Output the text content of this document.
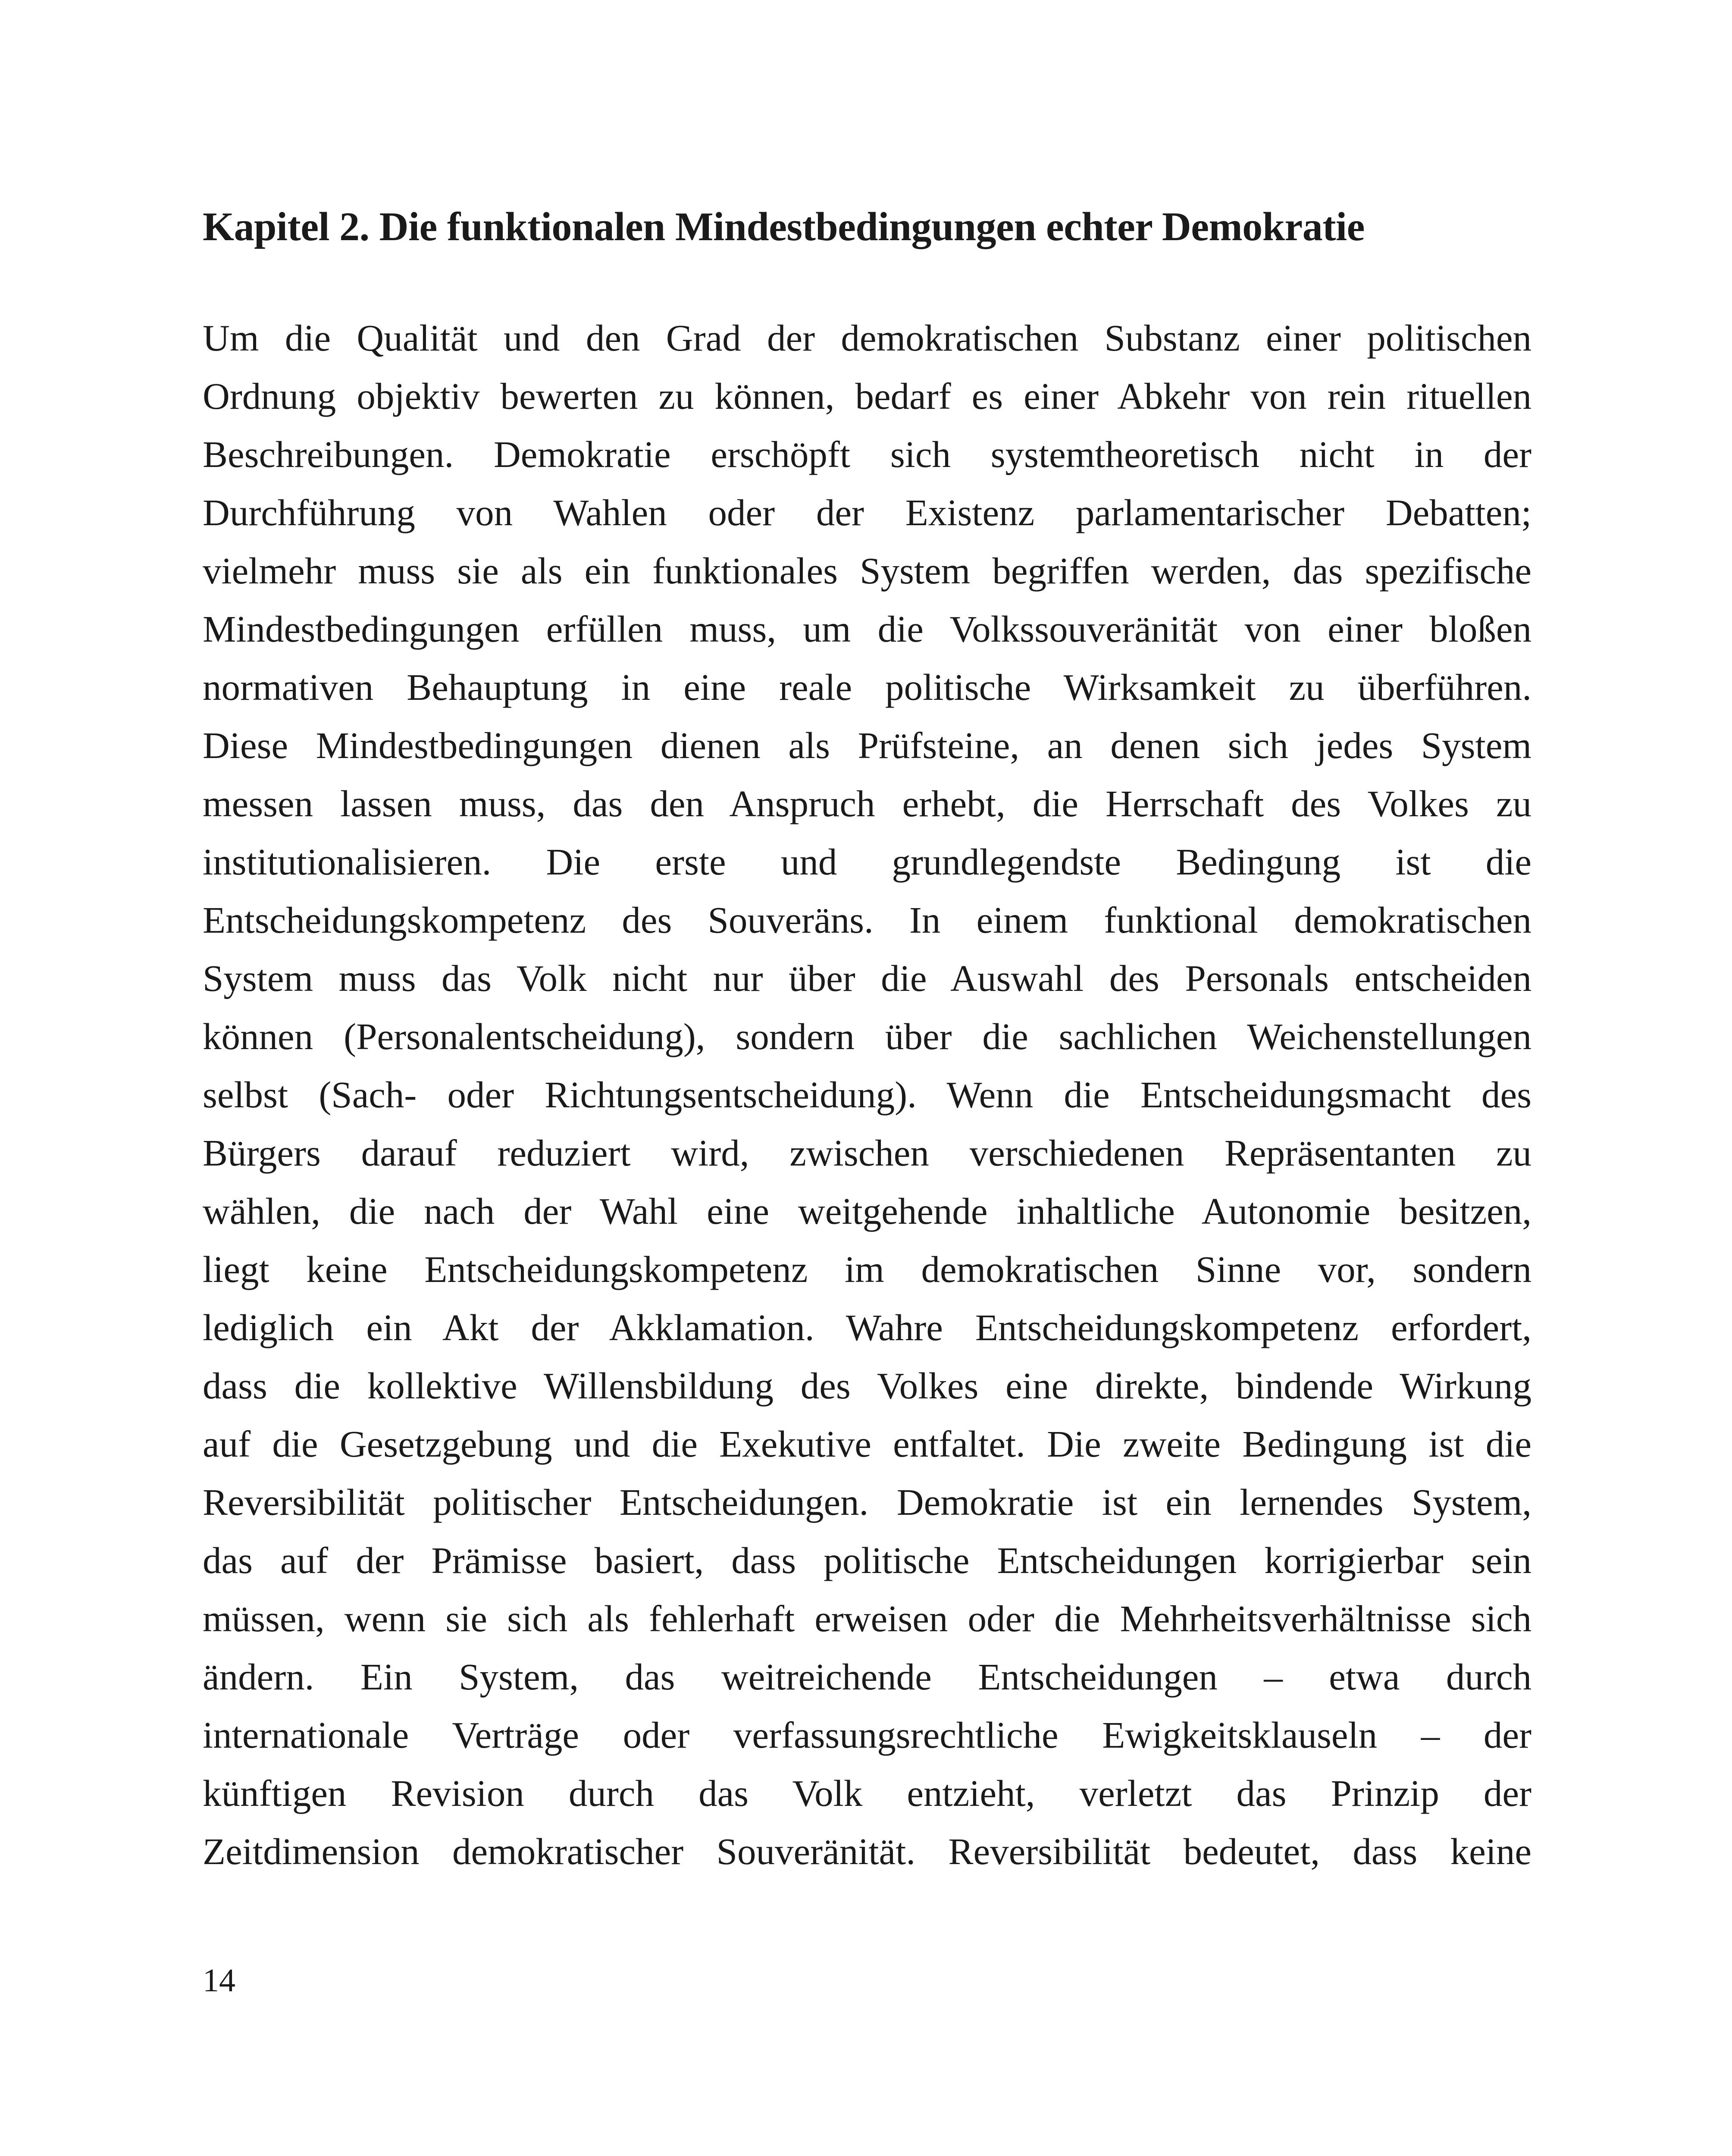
Kapitel 2. Die funktionalen Mindestbedingungen echter Demokratie
Um die Qualität und den Grad der demokratischen Substanz einer politischen
Ordnung objektiv bewerten zu können, bedarf es einer Abkehr von rein rituellen
Beschreibungen. Demokratie erschöpft sich systemtheoretisch nicht in der
Durchführung von Wahlen oder der Existenz parlamentarischer Debatten;
vielmehr muss sie als ein funktionales System begriffen werden, das spezifische
Mindestbedingungen erfüllen muss, um die Volkssouveränität von einer bloßen
normativen Behauptung in eine reale politische Wirksamkeit zu überführen.
Diese Mindestbedingungen dienen als Prüfsteine, an denen sich jedes System
messen lassen muss, das den Anspruch erhebt, die Herrschaft des Volkes zu
institutionalisieren. Die erste und grundlegendste Bedingung ist die
Entscheidungskompetenz des Souveräns. In einem funktional demokratischen
System muss das Volk nicht nur über die Auswahl des Personals entscheiden
können (Personalentscheidung), sondern über die sachlichen Weichenstellungen
selbst (Sach- oder Richtungsentscheidung). Wenn die Entscheidungsmacht des
Bürgers darauf reduziert wird, zwischen verschiedenen Repräsentanten zu
wählen, die nach der Wahl eine weitgehende inhaltliche Autonomie besitzen,
liegt keine Entscheidungskompetenz im demokratischen Sinne vor, sondern
lediglich ein Akt der Akklamation. Wahre Entscheidungskompetenz erfordert,
dass die kollektive Willensbildung des Volkes eine direkte, bindende Wirkung
auf die Gesetzgebung und die Exekutive entfaltet. Die zweite Bedingung ist die
Reversibilität politischer Entscheidungen. Demokratie ist ein lernendes System,
das auf der Prämisse basiert, dass politische Entscheidungen korrigierbar sein
müssen, wenn sie sich als fehlerhaft erweisen oder die Mehrheitsverhältnisse sich
ändern. Ein System, das weitreichende Entscheidungen – etwa durch
internationale Verträge oder verfassungsrechtliche Ewigkeitsklauseln – der
künftigen Revision durch das Volk entzieht, verletzt das Prinzip der
Zeitdimension demokratischer Souveränität. Reversibilität bedeutet, dass keine

14
